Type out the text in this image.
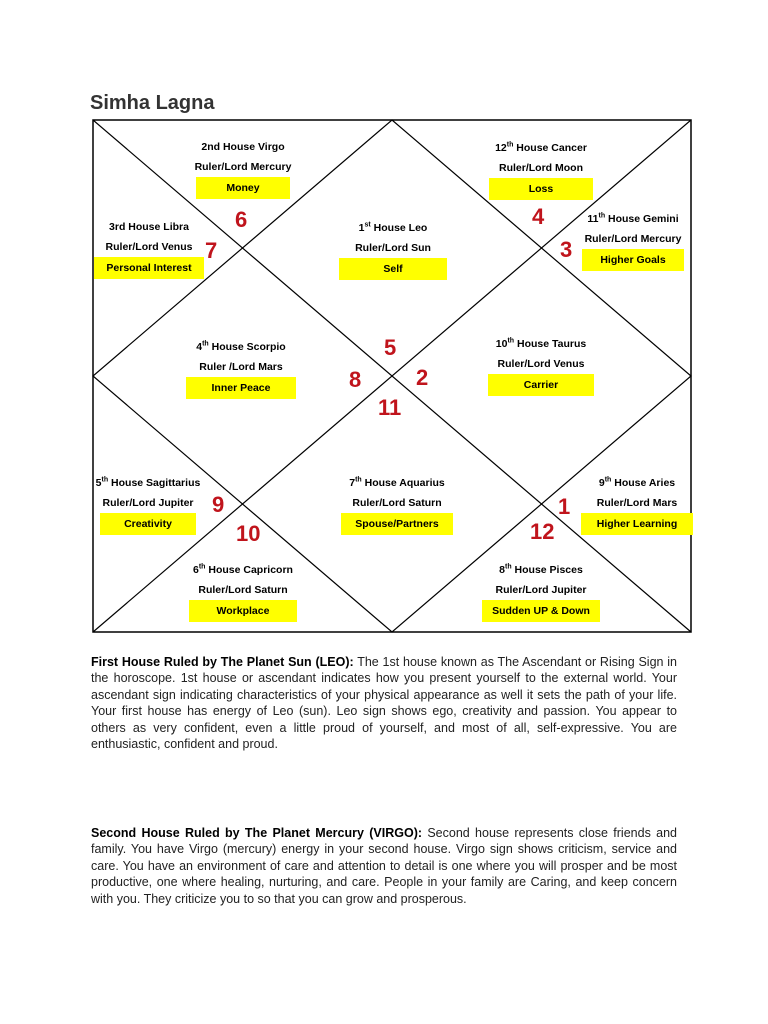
Simha Lagna
2nd House Virgo
Ruler/Lord Mercury
Money
12th House Cancer
Ruler/Lord Moon
Loss
3rd House Libra
Ruler/Lord Venus
Personal Interest
1st House Leo
Ruler/Lord Sun
Self
11th House Gemini
Ruler/Lord Mercury
Higher Goals
4th House Scorpio
Ruler /Lord Mars
Inner Peace
10th House Taurus
Ruler/Lord Venus
Carrier
5th House Sagittarius
Ruler/Lord Jupiter
Creativity
7th House Aquarius
Ruler/Lord Saturn
Spouse/Partners
9th House Aries
Ruler/Lord Mars
Higher Learning
6th House Capricorn
Ruler/Lord Saturn
Workplace
8th House Pisces
Ruler/Lord Jupiter
Sudden UP & Down
1
2
3
4
5
6
7
8
9
10
11
12
First House Ruled by The Planet Sun (LEO): The 1st house known as The Ascendant or Rising Sign in the horoscope. 1st house or ascendant indicates how you present yourself to the external world. Your ascendant sign indicating characteristics of your physical appearance as well it sets the path of your life. Your first house has energy of Leo (sun). Leo sign shows ego, creativity and passion. You appear to others as very confident, even a little proud of yourself, and most of all, self-expressive. You are enthusiastic, confident and proud.
Second House Ruled by The Planet Mercury (VIRGO): Second house represents close friends and family. You have Virgo (mercury) energy in your second house. Virgo sign shows criticism, service and care. You have an environment of care and attention to detail is one where you will prosper and be most productive, one where healing, nurturing, and care. People in your family are Caring, and keep concern with you. They criticize you to so that you can grow and prosperous.
